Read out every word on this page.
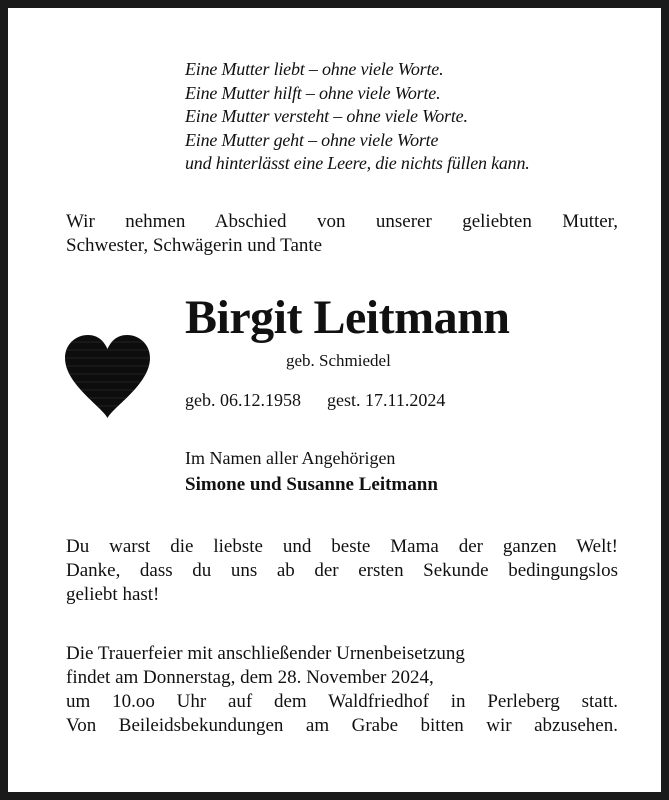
Eine Mutter liebt – ohne viele Worte.
Eine Mutter hilft – ohne viele Worte.
Eine Mutter versteht – ohne viele Worte.
Eine Mutter geht – ohne viele Worte
und hinterlässt eine Leere, die nichts füllen kann.
Wir nehmen Abschied von unserer geliebten Mutter,
Schwester, Schwägerin und Tante
Birgit Leitmann
geb. Schmiedel
geb. 06.12.1958 gest. 17.11.2024
Im Namen aller Angehörigen
Simone und Susanne Leitmann
Du warst die liebste und beste Mama der ganzen Welt!
Danke, dass du uns ab der ersten Sekunde bedingungslos
geliebt hast!
Die Trauerfeier mit anschließender Urnenbeisetzung
findet am Donnerstag, dem 28. November 2024,
um 10.oo Uhr auf dem Waldfriedhof in Perleberg statt.
Von Beileidsbekundungen am Grabe bitten wir abzusehen.
